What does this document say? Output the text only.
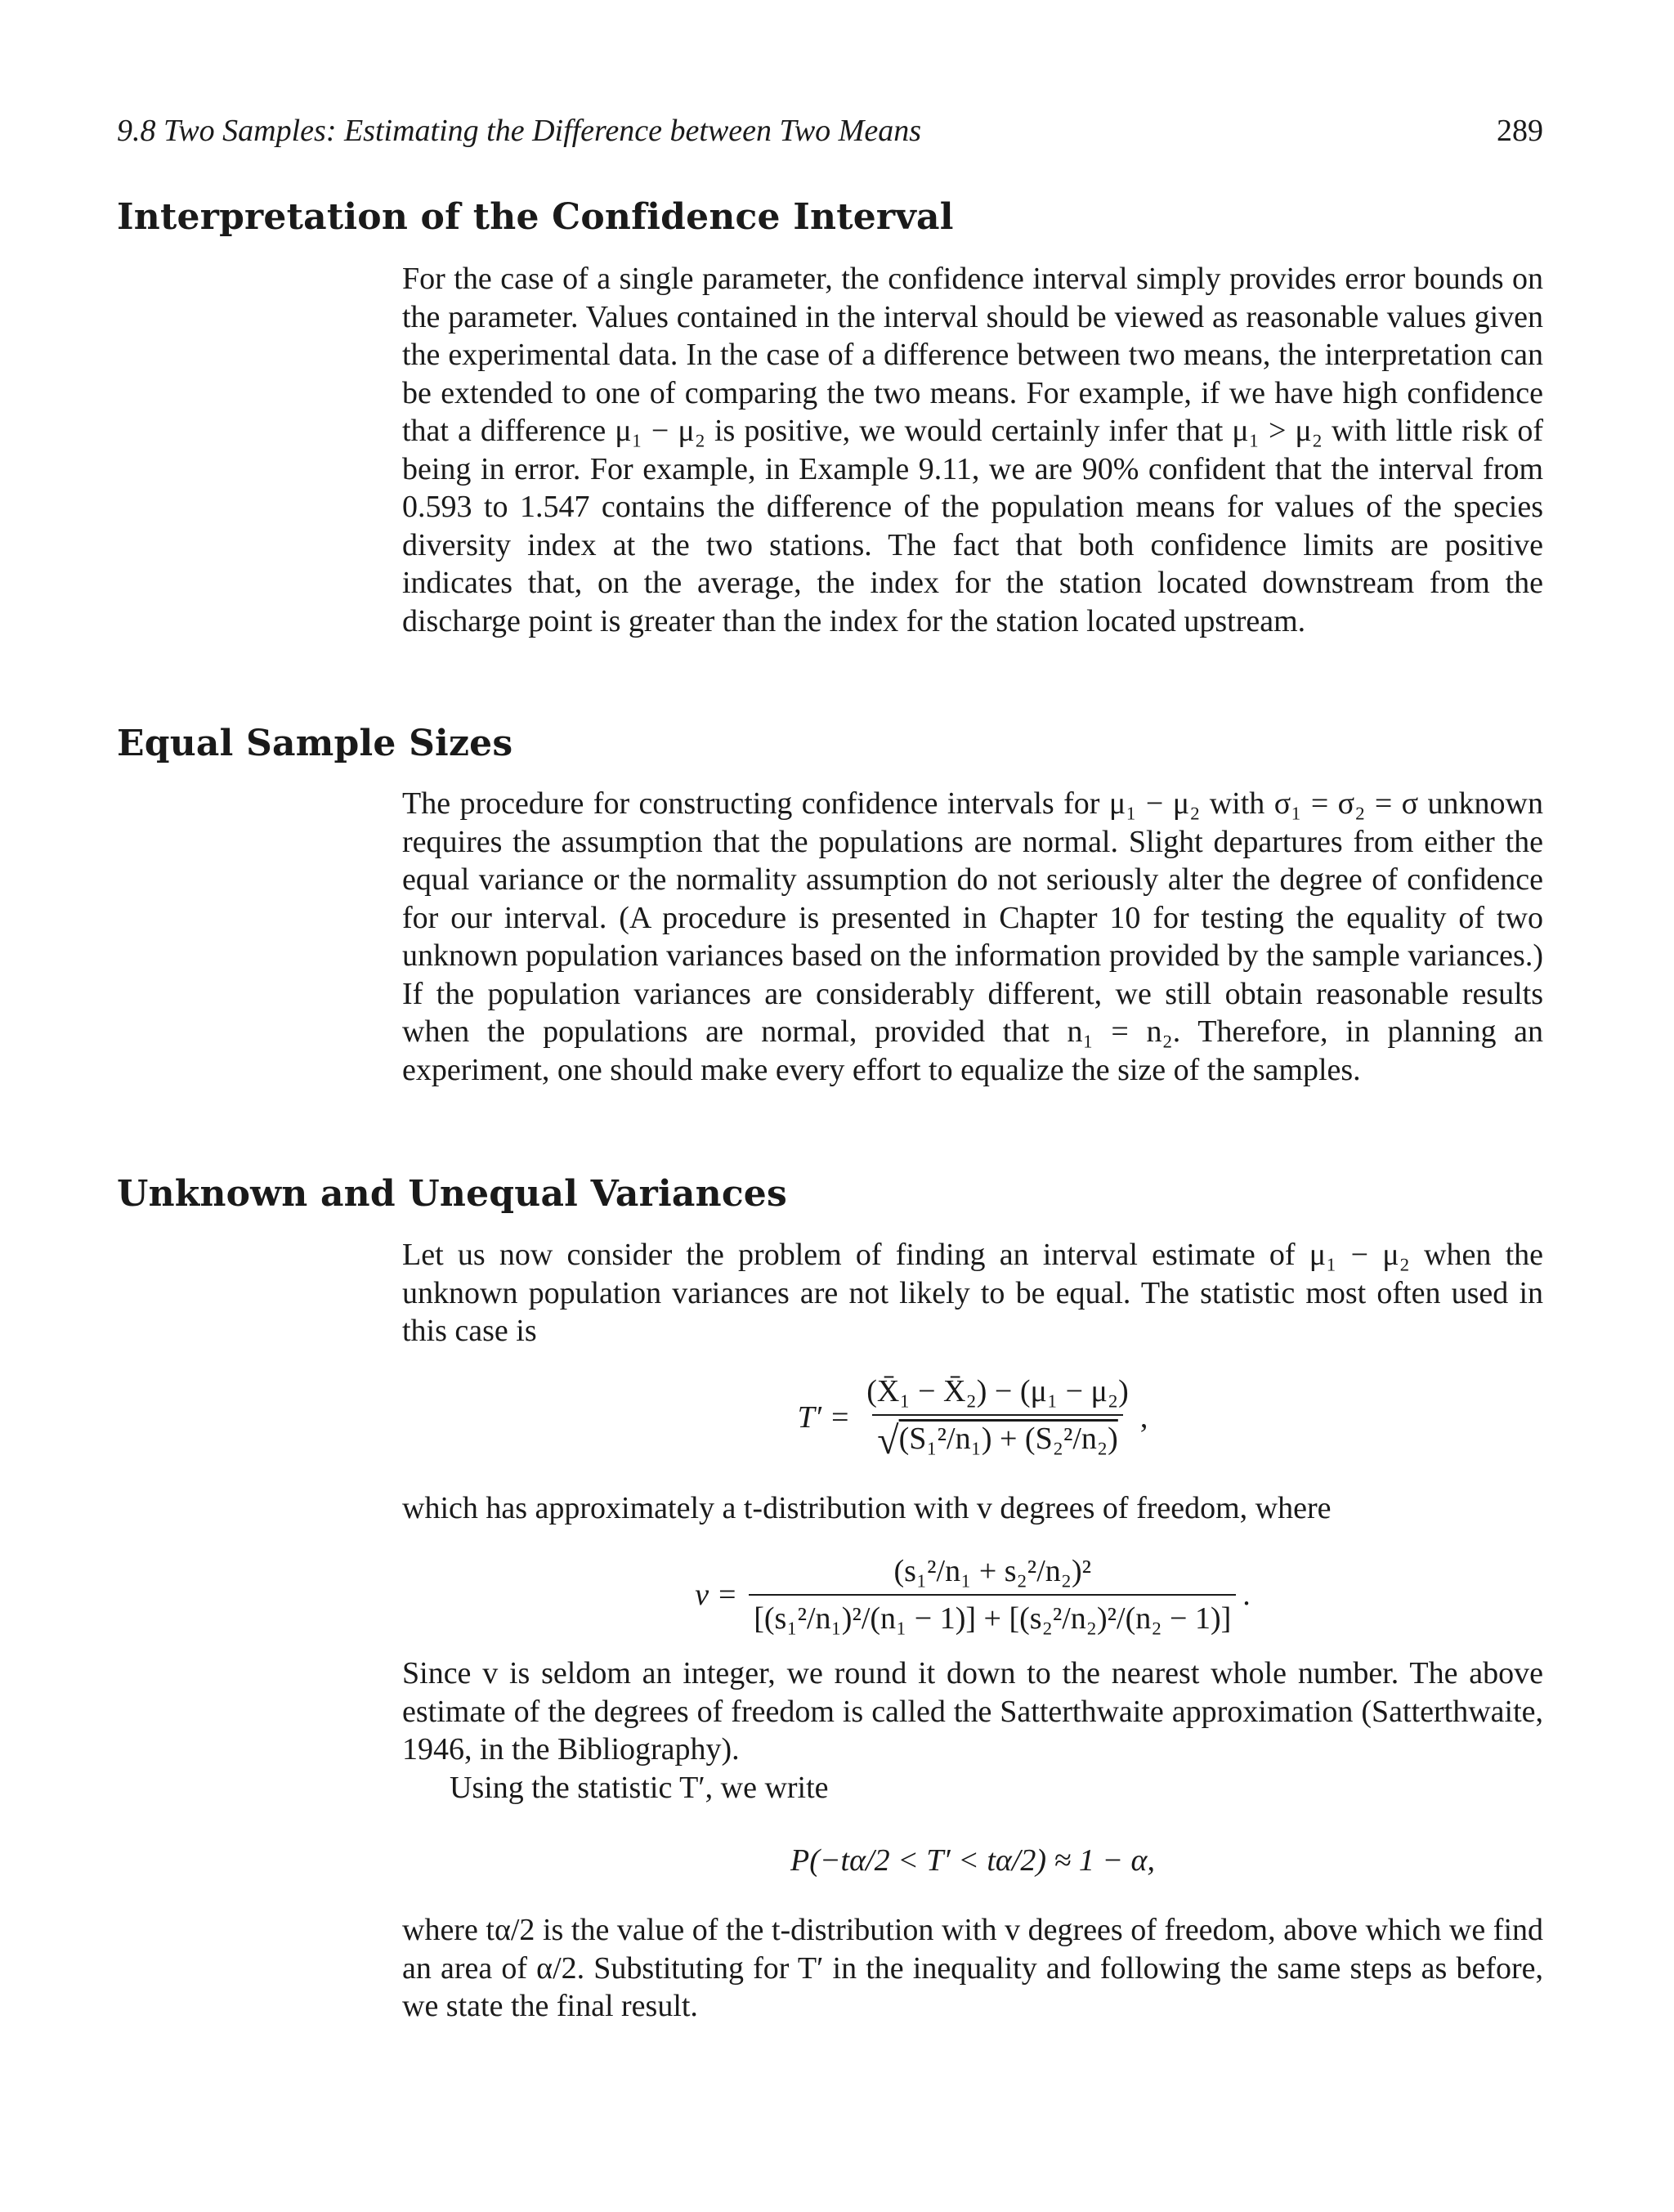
9.8 Two Samples: Estimating the Difference between Two Means	289
Interpretation of the Confidence Interval

For the case of a single parameter, the confidence interval simply provides error bounds on the parameter. Values contained in the interval should be viewed as reasonable values given the experimental data. In the case of a difference between two means, the interpretation can be extended to one of comparing the two means. For example, if we have high confidence that a difference μ₁ − μ₂ is positive, we would certainly infer that μ₁ > μ₂ with little risk of being in error. For example, in Example 9.11, we are 90% confident that the interval from 0.593 to 1.547 contains the difference of the population means for values of the species diversity index at the two stations. The fact that both confidence limits are positive indicates that, on the average, the index for the station located downstream from the discharge point is greater than the index for the station located upstream.

Equal Sample Sizes

The procedure for constructing confidence intervals for μ₁ − μ₂ with σ₁ = σ₂ = σ unknown requires the assumption that the populations are normal. Slight departures from either the equal variance or the normality assumption do not seriously alter the degree of confidence for our interval. (A procedure is presented in Chapter 10 for testing the equality of two unknown population variances based on the information provided by the sample variances.) If the population variances are considerably different, we still obtain reasonable results when the populations are normal, provided that n₁ = n₂. Therefore, in planning an experiment, one should make every effort to equalize the size of the samples.

Unknown and Unequal Variances

Let us now consider the problem of finding an interval estimate of μ₁ − μ₂ when the unknown population variances are not likely to be equal. The statistic most often used in this case is

$T' = \frac{\text{(X̄₁ − X̄₂) − (μ₁ − μ₂)}}{\text{√(S₁²/n₁) + (S₂²/n₂)}}$ ,

which has approximately a t-distribution with v degrees of freedom, where

$v = \frac{\text{(s₁²/n₁ + s₂²/n₂)²}}{\text{[(s₁²/n₁)²/(n₁ − 1)] + [(s₂²/n₂)²/(n₂ − 1)]}}$ .

Since v is seldom an integer, we round it down to the nearest whole number. The above estimate of the degrees of freedom is called the Satterthwaite approximation (Satterthwaite, 1946, in the Bibliography).

Using the statistic T′, we write

P(−tα/2 < T′ < tα/2) ≈ 1 − α,

where tα/2 is the value of the t-distribution with v degrees of freedom, above which we find an area of α/2. Substituting for T′ in the inequality and following the same steps as before, we state the final result.
